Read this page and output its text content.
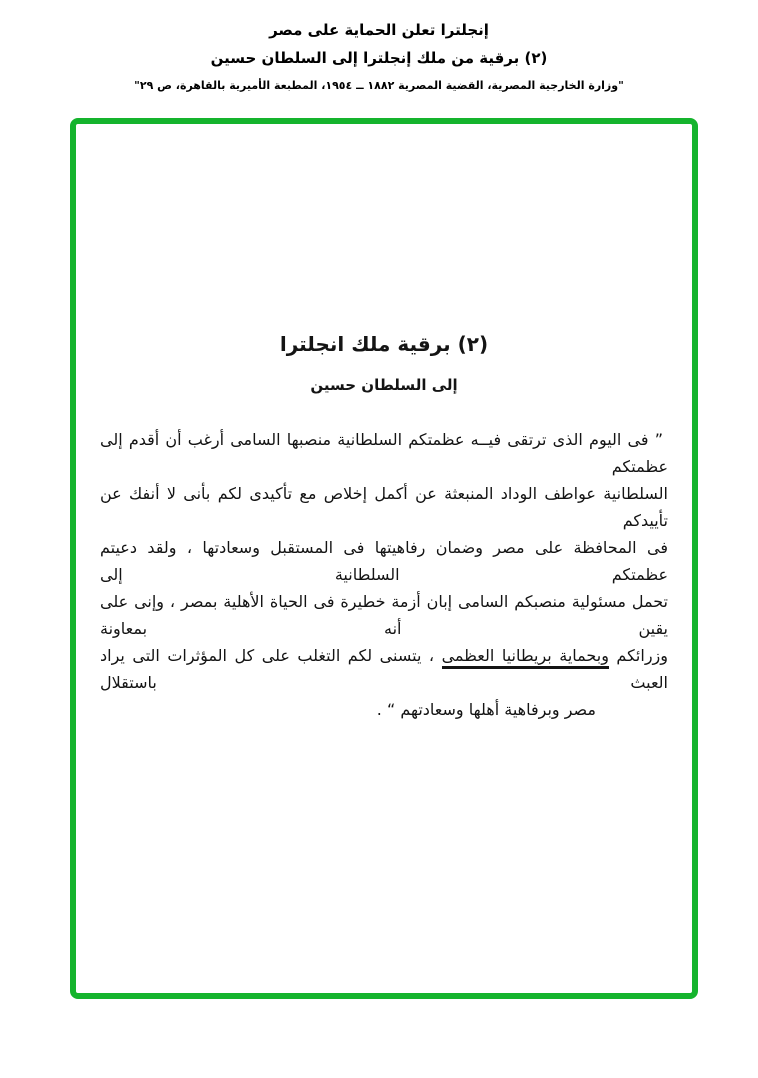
إنجلترا تعلن الحماية على مصر
(٢) برقية من ملك إنجلترا إلى السلطان حسين
"وزارة الخارجية المصرية، القضية المصرية ١٨٨٢ ــ ١٩٥٤، المطبعة الأميرية بالقاهرة، ص ٢٩"
(٢) برقية ملك انجلترا
إلى السلطان حسين
” فى اليوم الذى ترتقى فيــه عظمتكم السلطانية منصبها السامى أرغب أن أقدم إلى عظمتكم
السلطانية عواطف الوداد المنبعثة عن أكمل إخلاص مع تأكيدى لكم بأنى لا أنفك عن تأييدكم
فى المحافظة على مصر وضمان رفاهيتها فى المستقبل وسعادتها ، ولقد دعيتم عظمتكم السلطانية إلى
تحمل مسئولية منصبكم السامى إبان أزمة خطيرة فى الحياة الأهلية بمصر ، وإنى على يقين أنه بمعاونة
وزرائكم وبحماية بريطانيا العظمى ، يتسنى لكم التغلب على كل المؤثرات التى يراد العبث باستقلال
مصر وبرفاهية أهلها وسعادتهم “ .
